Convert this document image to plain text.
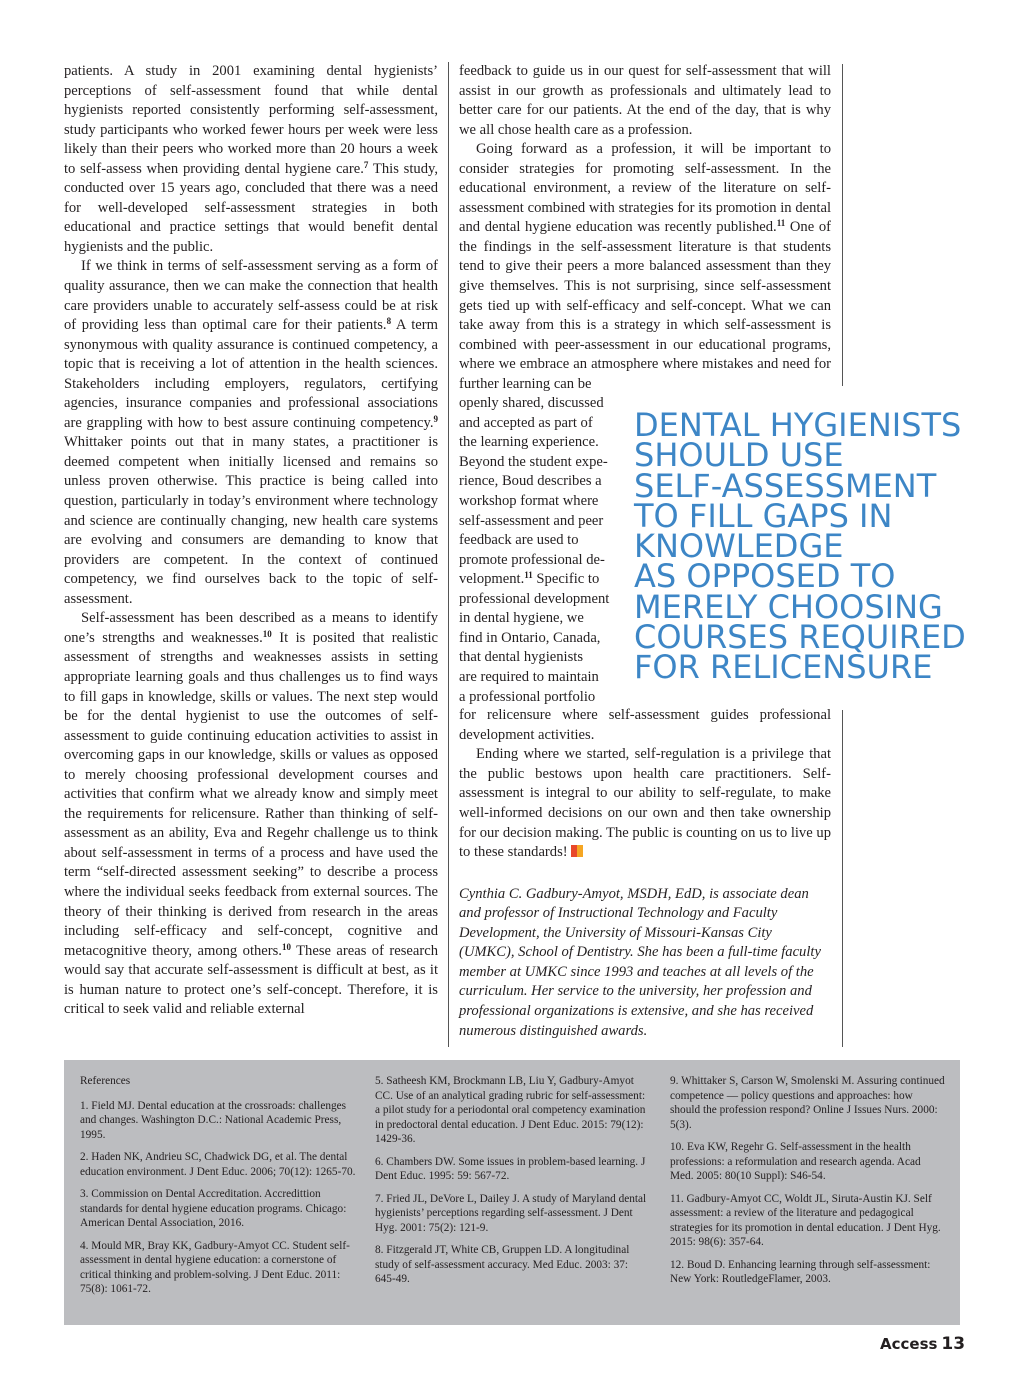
patients. A study in 2001 examining dental hygienists’ perceptions of self-assessment found that while dental hygienists reported consistently performing self-assessment, study participants who worked fewer hours per week were less likely than their peers who worked more than 20 hours a week to self-assess when providing dental hygiene care.$^7$ This study, conducted over 15 years ago, concluded that there was a need for well-developed self-assessment strategies in both educational and practice settings that would benefit dental hygienists and the public.

If we think in terms of self-assessment serving as a form of quality assurance, then we can make the connection that health care providers unable to accurately self-assess could be at risk of providing less than optimal care for their patients.$^8$ A term synonymous with quality assurance is continued competency, a topic that is receiving a lot of attention in the health sciences. Stakeholders including employers, regulators, certifying agencies, insurance companies and professional associations are grappling with how to best assure continuing competency.$^9$ Whittaker points out that in many states, a practitioner is deemed competent when initially licensed and remains so unless proven otherwise. This practice is being called into question, particularly in today’s environment where technology and science are continually changing, new health care systems are evolving and consumers are demanding to know that providers are competent. In the context of continued competency, we find ourselves back to the topic of self-assessment.

Self-assessment has been described as a means to identify one’s strengths and weaknesses.$^{10}$ It is posited that realistic assessment of strengths and weaknesses assists in setting appropriate learning goals and thus challenges us to find ways to fill gaps in knowledge, skills or values. The next step would be for the dental hygienist to use the outcomes of self-assessment to guide continuing education activities to assist in overcoming gaps in our knowledge, skills or values as opposed to merely choosing professional development courses and activities that confirm what we already know and simply meet the requirements for relicensure. Rather than thinking of self-assessment as an ability, Eva and Regehr challenge us to think about self-assessment in terms of a process and have used the term “self-directed assessment seeking” to describe a process where the individual seeks feedback from external sources. The theory of their thinking is derived from research in the areas including self-efficacy and self-concept, cognitive and metacognitive theory, among others.$^{10}$ These areas of research would say that accurate self-assessment is difficult at best, as it is human nature to protect one’s self-concept. Therefore, it is critical to seek valid and reliable external

feedback to guide us in our quest for self-assessment that will assist in our growth as professionals and ultimately lead to better care for our patients. At the end of the day, that is why we all chose health care as a profession.

Going forward as a profession, it will be important to consider strategies for promoting self-assessment. In the educational environment, a review of the literature on self-assessment combined with strategies for its promotion in dental and dental hygiene education was recently published.$^{11}$ One of the findings in the self-assessment literature is that students tend to give their peers a more balanced assessment than they give themselves. This is not surprising, since self-assessment gets tied up with self-efficacy and self-concept. What we can take away from this is a strategy in which self-assessment is combined with peer-assessment in our educational programs, where we embrace an atmosphere where mistakes and need for further learning can be

openly shared, discussed
and accepted as part of
the learning experience.
Beyond the student expe-
rience, Boud describes a
workshop format where
self-assessment and peer
feedback are used to
promote professional de-
velopment.$^{11}$ Specific to
professional development
in dental hygiene, we
find in Ontario, Canada,
that dental hygienists
are required to maintain
a professional portfolio

for relicensure where self-assessment guides professional development activities.

Ending where we started, self-regulation is a privilege that the public bestows upon health care practitioners. Self-assessment is integral to our ability to self-regulate, to make well-informed decisions on our own and then take ownership for our decision making. The public is counting on us to live up to these standards!

Cynthia C. Gadbury-Amyot, MSDH, EdD, is associate dean and professor of Instructional Technology and Faculty Development, the University of Missouri-Kansas City (UMKC), School of Dentistry. She has been a full-time faculty member at UMKC since 1993 and teaches at all levels of the curriculum. Her service to the university, her profession and professional organizations is extensive, and she has received numerous distinguished awards.

DENTAL HYGIENISTS
SHOULD USE
SELF-ASSESSMENT
TO FILL GAPS IN
KNOWLEDGE
AS OPPOSED TO
MERELY CHOOSING
COURSES REQUIRED
FOR RELICENSURE

References

1. Field MJ. Dental education at the crossroads: challenges and changes. Washington D.C.: National Academic Press, 1995.

2. Haden NK, Andrieu SC, Chadwick DG, et al. The dental education environment. J Dent Educ. 2006; 70(12): 1265-70.

3. Commission on Dental Accreditation. Accredittion standards for dental hygiene education programs. Chicago: American Dental Association, 2016.

4. Mould MR, Bray KK, Gadbury-Amyot CC. Student self-assessment in dental hygiene education: a cornerstone of critical thinking and problem-solving. J Dent Educ. 2011: 75(8): 1061-72.

5. Satheesh KM, Brockmann LB, Liu Y, Gadbury-Amyot CC. Use of an analytical grading rubric for self-assessment: a pilot study for a periodontal oral competency examination in predoctoral dental education. J Dent Educ. 2015: 79(12): 1429-36.

6. Chambers DW. Some issues in problem-based learning. J Dent Educ. 1995: 59: 567-72.

7. Fried JL, DeVore L, Dailey J. A study of Maryland dental hygienists’ perceptions regarding self-assessment. J Dent Hyg. 2001: 75(2): 121-9.

8. Fitzgerald JT, White CB, Gruppen LD. A longitudinal study of self-assessment accuracy. Med Educ. 2003: 37: 645-49.

9. Whittaker S, Carson W, Smolenski M. Assuring continued competence — policy questions and approaches: how should the profession respond? Online J Issues Nurs. 2000: 5(3).

10. Eva KW, Regehr G. Self-assessment in the health professions: a reformulation and research agenda. Acad Med. 2005: 80(10 Suppl): S46-54.

11. Gadbury-Amyot CC, Woldt JL, Siruta-Austin KJ. Self assessment: a review of the literature and pedagogical strategies for its promotion in dental education. J Dent Hyg. 2015: 98(6): 357-64.

12. Boud D. Enhancing learning through self-assessment: New York: RoutledgeFlamer, 2003.

Access 13
